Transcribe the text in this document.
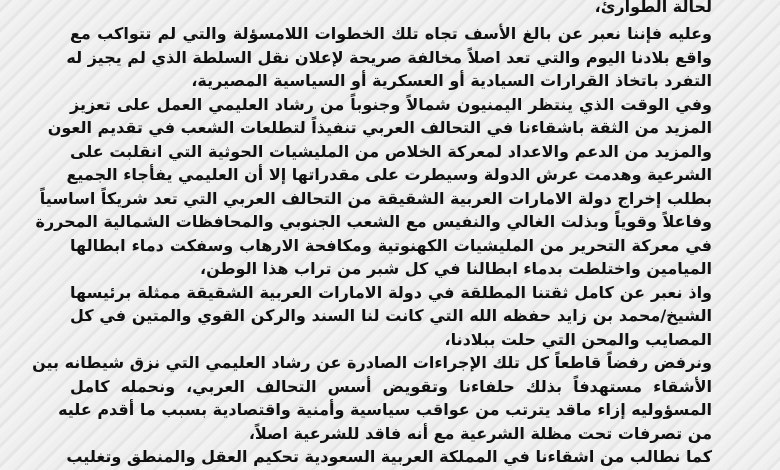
لحالة الطوارئ،
وعليه فإننا نعبر عن بالغ الأسف تجاه تلك الخطوات اللامسؤلة والتي لم تتواكب مع
واقع بلادنا اليوم والتي تعد اصلاً مخالفة صريحة لإعلان نقل السلطة الذي لم يجيز له
التفرد باتخاذ القرارات السيادية أو العسكرية أو السياسية المصيرية،
وفي الوقت الذي ينتظر اليمنيون شمالاً وجنوباً من رشاد العليمي العمل على تعزيز
المزيد من الثقة باشقاءنا في التحالف العربي تنفيذاً لتطلعات الشعب في تقديم العون
والمزيد من الدعم والاعداد لمعركة الخلاص من المليشيات الحوثية التي انقلبت على
الشرعية وهدمت عرش الدولة وسيطرت على مقدراتها إلا أن العليمي يفأجاء الجميع
بطلب إخراج دولة الامارات العربية الشقيقة من التحالف العربي التي تعد شريكاً اساسياً
وفاعلاً وقوياً وبذلت الغالي والنفيس مع الشعب الجنوبي والمحافظات الشمالية المحررة
في معركة التحرير من المليشيات الكهنوتية ومكافحة الارهاب وسفكت دماء ابطالها
الميامين واختلطت بدماء ابطالنا في كل شبر من تراب هذا الوطن،
واذ نعبر عن كامل ثقتنا المطلقة في دولة الامارات العربية الشقيقة ممثلة برئيسها
الشيخ/محمد بن زايد حفظه الله التي كانت لنا السند والركن القوي والمتين في كل
المصايب والمحن التي حلت ببلادنا،
ونرفض رفضاً قاطعاً كل تلك الإجراءات الصادرة عن رشاد العليمي التي نزق شيطانه بين
الأشقاء مستهدفاً بذلك حلفاءنا وتقويض أسس التحالف العربي، ونحمله كامل
المسؤوليه إزاء ماقد يترتب من عواقب سياسية وأمنية واقتصادية بسبب ما أقدم عليه
من تصرفات تحت مظلة الشرعية مع أنه فاقد للشرعية اصلاً،
كما نطالب من اشقاءنا في المملكة العربية السعودية تحكيم العقل والمنطق وتغليب
